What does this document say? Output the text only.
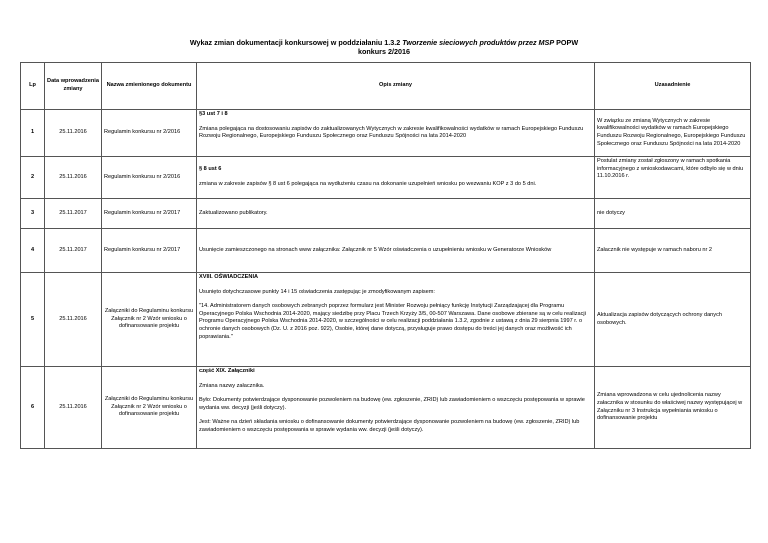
Wykaz zmian dokumentacji konkursowej w poddziałaniu 1.3.2 Tworzenie sieciowych produktów przez MSP POPW
konkurs 2/2016
Lp	Data wprowadzenia zmiany	Nazwa zmienionego dokumentu	Opis zmiany	Uzasadnienie
1	25.11.2016	Regulamin konkursu nr 2/2016	§3 ust 7 i 8
Zmiana polegająca na dostosowaniu zapisów do zaktualizowanych Wytycznych w zakresie kwalifikowalności wydatków w ramach Europejskiego Funduszu Rozwoju Regionalnego, Europejskiego Funduszu Społecznego oraz Funduszu Spójności na lata 2014-2020	W związku ze zmianą Wytycznych w zakresie kwalifikowalności wydatków w ramach Europejskiego Funduszu Rozwoju Regionalnego, Europejskiego Funduszu Społecznego oraz Funduszu Spójności na lata 2014-2020
2	25.11.2016	Regulamin konkursu nr 2/2016	§ 8 ust 6
zmiana w zakresie zapisów § 8 ust 6 polegająca na wydłużeniu czasu na dokonanie uzupełnień wniosku po wezwaniu KOP z 3 do 5 dni.	Postulat zmiany został zgłoszony w ramach spotkania informacyjnego z wnioskodawcami, które odbyło się w dniu 11.10.2016 r.
3	25.11.2017	Regulamin konkursu nr 2/2017	Zaktualizowano publikatory.	nie dotyczy
4	25.11.2017	Regulamin konkursu nr 2/2017	Usunięcie zamieszczonego na stronach www załącznika: Załącznik nr 5 Wzór oświadczenia o uzupełnieniu wniosku w Generatorze Wniosków	Załacznik nie występuje w ramach naboru nr 2
5	25.11.2016	Załączniki do Regulaminu konkursu Załącznik nr 2 Wzór wniosku o dofinansowanie projektu	XVIII. OŚWIADCZENIA
Usunięto dotychczasowe punkty 14 i 15 oświadczenia zastępując je zmodyfikowanym zapisem:
"14. Administratorem danych osobowych zebranych poprzez formularz jest Minister Rozwoju pełniący funkcję Instytucji Zarządzającej dla Programu Operacyjnego Polska Wschodnia 2014-2020, mający siedzibę przy Placu Trzech Krzyży 3/5, 00-507 Warszawa. Dane osobowe zbierane są w celu realizacji Programu Operacyjnego Polska Wschodnia 2014-2020, w szczególności w celu realizacji poddziałania 1.3.2, zgodnie z ustawą z dnia 29 sierpnia 1997 r. o ochronie danych osobowych (Dz. U. z 2016 poz. 922), Osobie, której dane dotyczą, przysługuje prawo dostępu do treści jej danych oraz możliwość ich poprawiania."	Aktualizacja zapisów dotyczących ochrony danych osobowych.
6	25.11.2016	Załączniki do Regulaminu konkursu Załącznik nr 2 Wzór wniosku o dofinansowanie projektu	część XIX. Załączniki
Zmiana nazwy załacznika.
Było: Dokumenty potwierdzające dysponowanie pozwoleniem na budowę (ew. zgłoszenie, ZRID) lub zawiadomieniem o wszczęciu postępowania w sprawie wydania ww. decyzji (jeśli dotyczy).
Jest: Ważne na dzień składania wniosku o dofinansowanie dokumenty potwierdzające dysponowanie pozwoleniem na budowę (ew. zgłoszenie, ZRID) lub zawiadomieniem o wszczęciu postępowania w sprawie wydania ww. decyzji (jeśli dotyczy).	Zmiana wprowadzona w celu ujednolicenia nazwy załacznika w stosunku do właściwej nazwy występującej w Załączniku nr 3 Instrukcja wypełniania wniosku o dofinansowanie projektu
